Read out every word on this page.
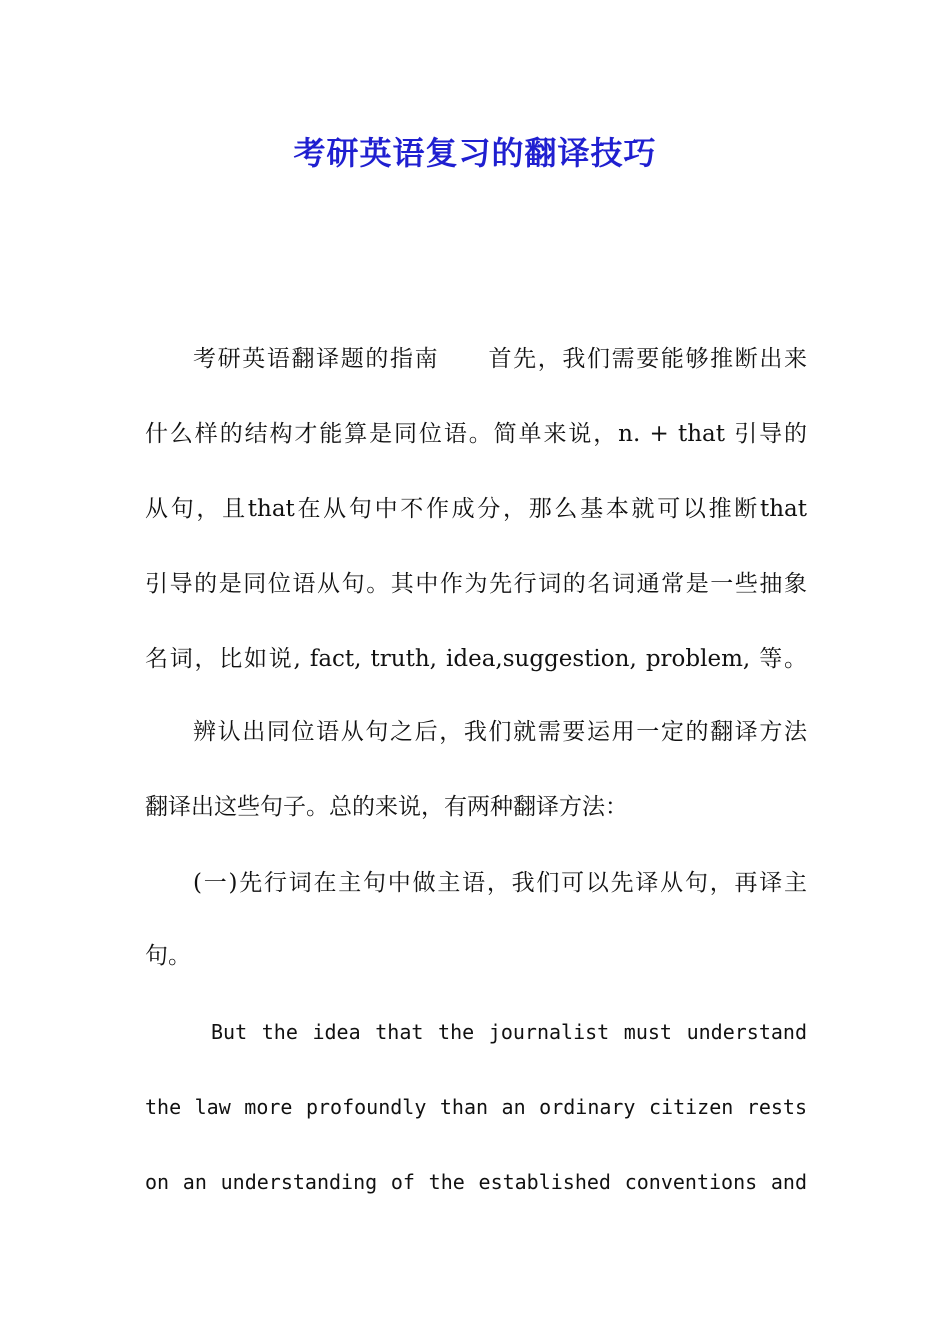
考研英语复习的翻译技巧
考研英语翻译题的指南　　首先，我们需要能够推断出来
什么样的结构才能算是同位语。简单来说，n. + that 引导的
从句，且that在从句中不作成分，那么基本就可以推断that
引导的是同位语从句。其中作为先行词的名词通常是一些抽象
名词，比如说, fact, truth, idea,suggestion, problem, 等。
辨认出同位语从句之后，我们就需要运用一定的翻译方法
翻译出这些句子。总的来说，有两种翻译方法：
(一)先行词在主句中做主语，我们可以先译从句，再译主
句。
But the idea that the journalist must understand
the law more profoundly than an ordinary citizen rests
on an understanding of the established conventions and
